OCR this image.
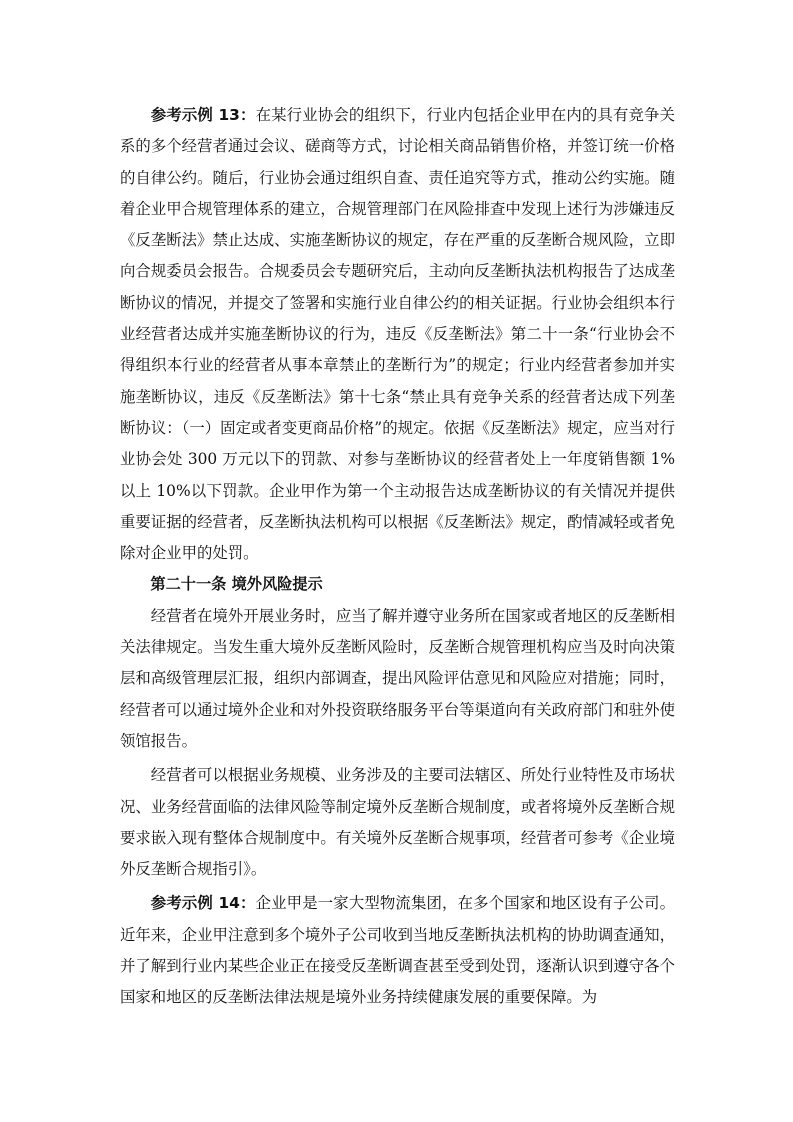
参考示例 13：在某行业协会的组织下，行业内包括企业甲在内的具有竞争关系的多个经营者通过会议、磋商等方式，讨论相关商品销售价格，并签订统一价格的自律公约。随后，行业协会通过组织自查、责任追究等方式，推动公约实施。随着企业甲合规管理体系的建立，合规管理部门在风险排查中发现上述行为涉嫌违反《反垄断法》禁止达成、实施垄断协议的规定，存在严重的反垄断合规风险，立即向合规委员会报告。合规委员会专题研究后，主动向反垄断执法机构报告了达成垄断协议的情况，并提交了签署和实施行业自律公约的相关证据。行业协会组织本行业经营者达成并实施垄断协议的行为，违反《反垄断法》第二十一条“行业协会不得组织本行业的经营者从事本章禁止的垄断行为”的规定；行业内经营者参加并实施垄断协议，违反《反垄断法》第十七条“禁止具有竞争关系的经营者达成下列垄断协议：（一）固定或者变更商品价格”的规定。依据《反垄断法》规定，应当对行业协会处 300 万元以下的罚款、对参与垄断协议的经营者处上一年度销售额 1%以上 10%以下罚款。企业甲作为第一个主动报告达成垄断协议的有关情况并提供重要证据的经营者，反垄断执法机构可以根据《反垄断法》规定，酌情减轻或者免除对企业甲的处罚。

第二十一条 境外风险提示

经营者在境外开展业务时，应当了解并遵守业务所在国家或者地区的反垄断相关法律规定。当发生重大境外反垄断风险时，反垄断合规管理机构应当及时向决策层和高级管理层汇报，组织内部调查，提出风险评估意见和风险应对措施；同时，经营者可以通过境外企业和对外投资联络服务平台等渠道向有关政府部门和驻外使领馆报告。

经营者可以根据业务规模、业务涉及的主要司法辖区、所处行业特性及市场状况、业务经营面临的法律风险等制定境外反垄断合规制度，或者将境外反垄断合规要求嵌入现有整体合规制度中。有关境外反垄断合规事项，经营者可参考《企业境外反垄断合规指引》。

参考示例 14：企业甲是一家大型物流集团，在多个国家和地区设有子公司。近年来，企业甲注意到多个境外子公司收到当地反垄断执法机构的协助调查通知，并了解到行业内某些企业正在接受反垄断调查甚至受到处罚，逐渐认识到遵守各个国家和地区的反垄断法律法规是境外业务持续健康发展的重要保障。为
